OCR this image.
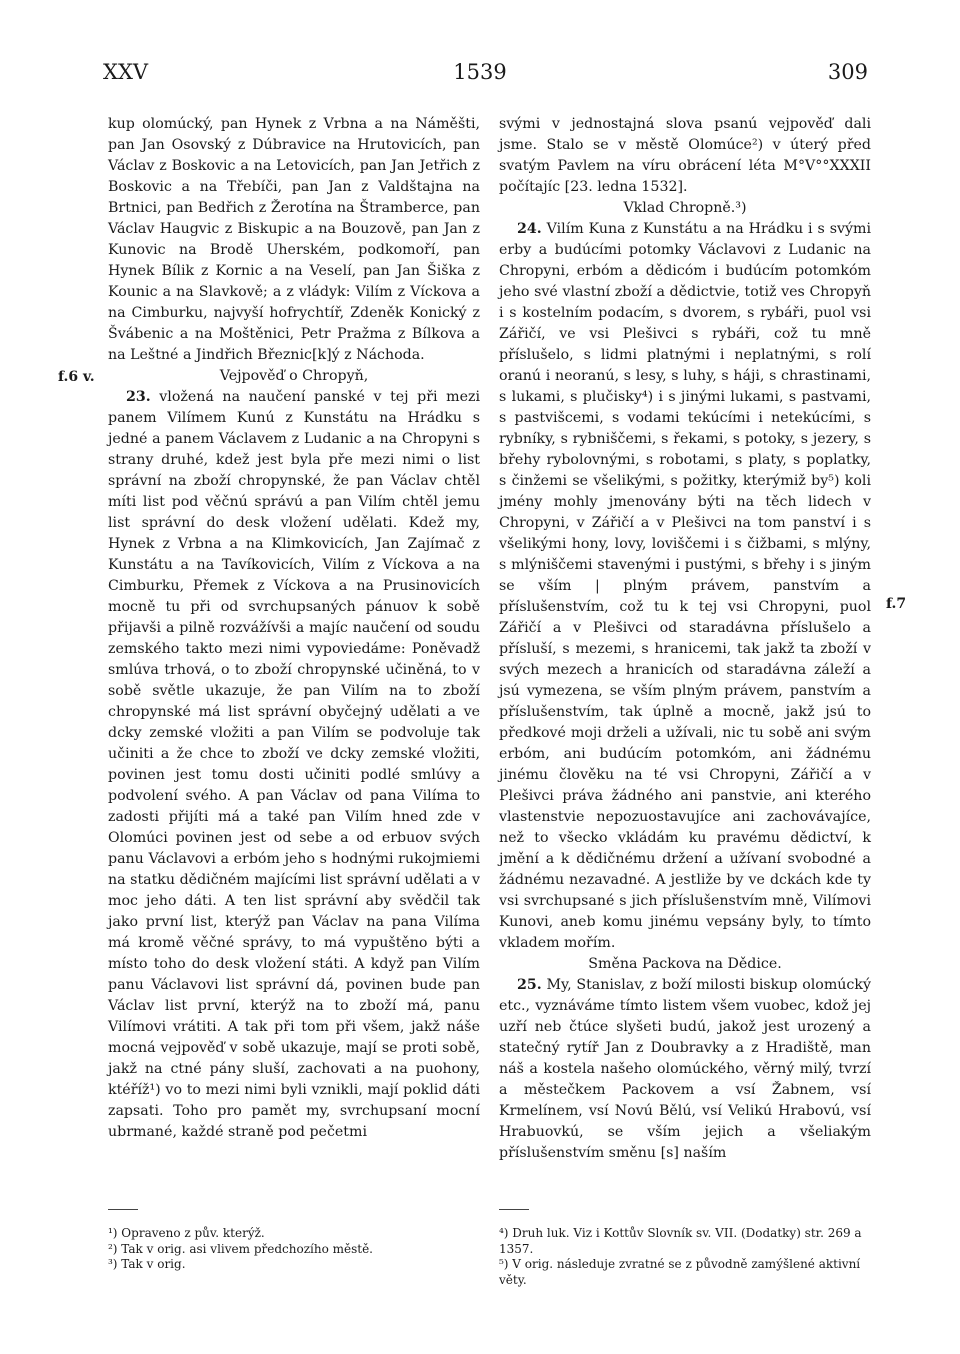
XXV	1539	309
f.6 v.
f.7

kup olomúcký, pan Hynek z Vrbna a na Náměšti, pan Jan Osovský z Dúbravice na Hrutovicích, pan Václav z Boskovic a na Letovicích, pan Jan Jetřich z Boskovic a na Třebíči, pan Jan z Valdštajna na Brtnici, pan Bedřich z Žerotína na Štramberce, pan Václav Haugvic z Biskupic a na Bouzově, pan Jan z Kunovic na Brodě Uherském, podkomoří, pan Hynek Bílik z Kornic a na Veselí, pan Jan Šiška z Kounic a na Slavkově; a z vládyk: Vilím z Víckova a na Cimburku, najvyší hofrychtíř, Zdeněk Konický z Švábenic a na Moštěnici, Petr Pražma z Bílkova a na Leštné a Jindřich Březnic[k]ý z Náchoda.

Vejpověď o Chropyň,

23. vložená na naučení panské v tej při mezi panem Vilímem Kunú z Kunstátu na Hrádku s jedné a panem Václavem z Ludanic a na Chropyni s strany druhé, kdež jest byla pře mezi nimi o list správní na zboží chropynské, že pan Václav chtěl míti list pod věčnú správú a pan Vilím chtěl jemu list správní do desk vložení udělati. Kdež my, Hynek z Vrbna a na Klimkovicích, Jan Zajímač z Kunstátu a na Tavíkovicích, Vilím z Víckova a na Cimburku, Přemek z Víckova a na Prusinovicích mocně tu při od svrchupsaných pánuov k sobě přijavši a pilně rozvážívši a majíc naučení od soudu zemského takto mezi nimi vypoviedáme: Poněvadž smlúva trhová, o to zboží chropynské učiněná, to v sobě světle ukazuje, že pan Vilím na to zboží chropynské má list správní obyčejný udělati a ve dcky zemské vložiti a pan Vilím se podvoluje tak učiniti a že chce to zboží ve dcky zemské vložiti, povinen jest tomu dosti učiniti podlé smlúvy a podvolení svého. A pan Václav od pana Vilíma to zadosti přijíti má a také pan Vilím hned zde v Olomúci povinen jest od sebe a od erbuov svých panu Václavovi a erbóm jeho s hodnými rukojmiemi na statku dědičném majícími list správní udělati a v moc jeho dáti. A ten list správní aby svědčil tak jako první list, kterýž pan Václav na pana Vilíma má kromě věčné správy, to má vypuštěno býti a místo toho do desk vložení státi. A když pan Vilím panu Václavovi list správní dá, povinen bude pan Václav list první, kterýž na to zboží má, panu Vilímovi vrátiti. A tak při tom při všem, jakž náše mocná vejpověď v sobě ukazuje, mají se proti sobě, jakž na ctné pány sluší, zachovati a na puohony, ktéříž¹) vo to mezi nimi byli vznikli, mají poklid dáti zapsati. Toho pro pamět my, svrchupsaní mocní ubrmané, každé straně pod pečetmi

svými v jednostajná slova psanú vejpověď dali jsme. Stalo se v městě Olomúce²) v úterý před svatým Pavlem na víru obrácení léta M°V°°XXXII počítajíc [23. ledna 1532].

Vklad Chropně.³)

24. Vilím Kuna z Kunstátu a na Hrádku i s svými erby a budúcími potomky Václavovi z Ludanic na Chropyni, erbóm a dědicóm i budúcím potomkóm jeho své vlastní zboží a dědictvie, totiž ves Chropyň i s kostelním podacím, s dvorem, s rybáři, puol vsi Zářičí, ve vsi Plešivci s rybáři, což tu mně příslušelo, s lidmi platnými i neplatnými, s rolí oranú i neoranú, s lesy, s luhy, s háji, s chrastinami, s lukami, s plučisky⁴) i s jinými lukami, s pastvami, s pastvišcemi, s vodami tekúcími i netekúcími, s rybníky, s rybniščemi, s řekami, s potoky, s jezery, s břehy rybolovnými, s robotami, s platy, s poplatky, s činžemi se všelikými, s požitky, kterýmiž by⁵) koli jmény mohly jmenovány býti na těch lidech v Chropyni, v Zářičí a v Plešivci na tom panství i s všelikými hony, lovy, loviščemi i s čižbami, s mlýny, s mlýniščemi stavenými i pustými, s břehy i s jiným se vším | plným právem, panstvím a příslušenstvím, což tu k tej vsi Chropyni, puol Zářičí a v Plešivci od staradávna příslušelo a přísluší, s mezemi, s hranicemi, tak jakž ta zboží v svých mezech a hranicích od staradávna záleží a jsú vymezena, se vším plným právem, panstvím a příslušenstvím, tak úplně a mocně, jakž jsú to předkové moji drželi a užívali, nic tu sobě ani svým erbóm, ani budúcím potomkóm, ani žádnému jinému člověku na té vsi Chropyni, Zářičí a v Plešivci práva žádného ani panstvie, ani kterého vlastenstvie nepozuostavujíce ani zachovávajíce, než to všecko vkládám ku pravému dědictví, k jmění a k dědičnému držení a užívaní svobodné a žádnému nezavadné. A jestliže by ve dckách kde ty vsi svrchupsané s jich příslušenstvím mně, Vilímovi Kunovi, aneb komu jinému vepsány byly, to tímto vkladem mořím.

Směna Packova na Dědice.

25. My, Stanislav, z boží milosti biskup olomúcký etc., vyznáváme tímto listem všem vuobec, kdož jej uzří neb čtúce slyšeti budú, jakož jest urozený a statečný rytíř Jan z Doubravky a z Hradiště, man náš a kostela našeho olomúckého, věrný milý, tvrzí a městečkem Packovem a vsí Žabnem, vsí Krmelínem, vsí Novú Bělú, vsí Velikú Hrabovú, vsí Hrabuovkú, se vším jejich a všeliakým příslušenstvím směnu [s] naším

¹) Opraveno z pův. kterýž.
²) Tak v orig. asi vlivem předchozího městě.
³) Tak v orig.
⁴) Druh luk. Viz i Kottův Slovník sv. VII. (Dodatky) str. 269 a 1357.
⁵) V orig. následuje zvratné se z původně zamýšlené aktivní věty.
